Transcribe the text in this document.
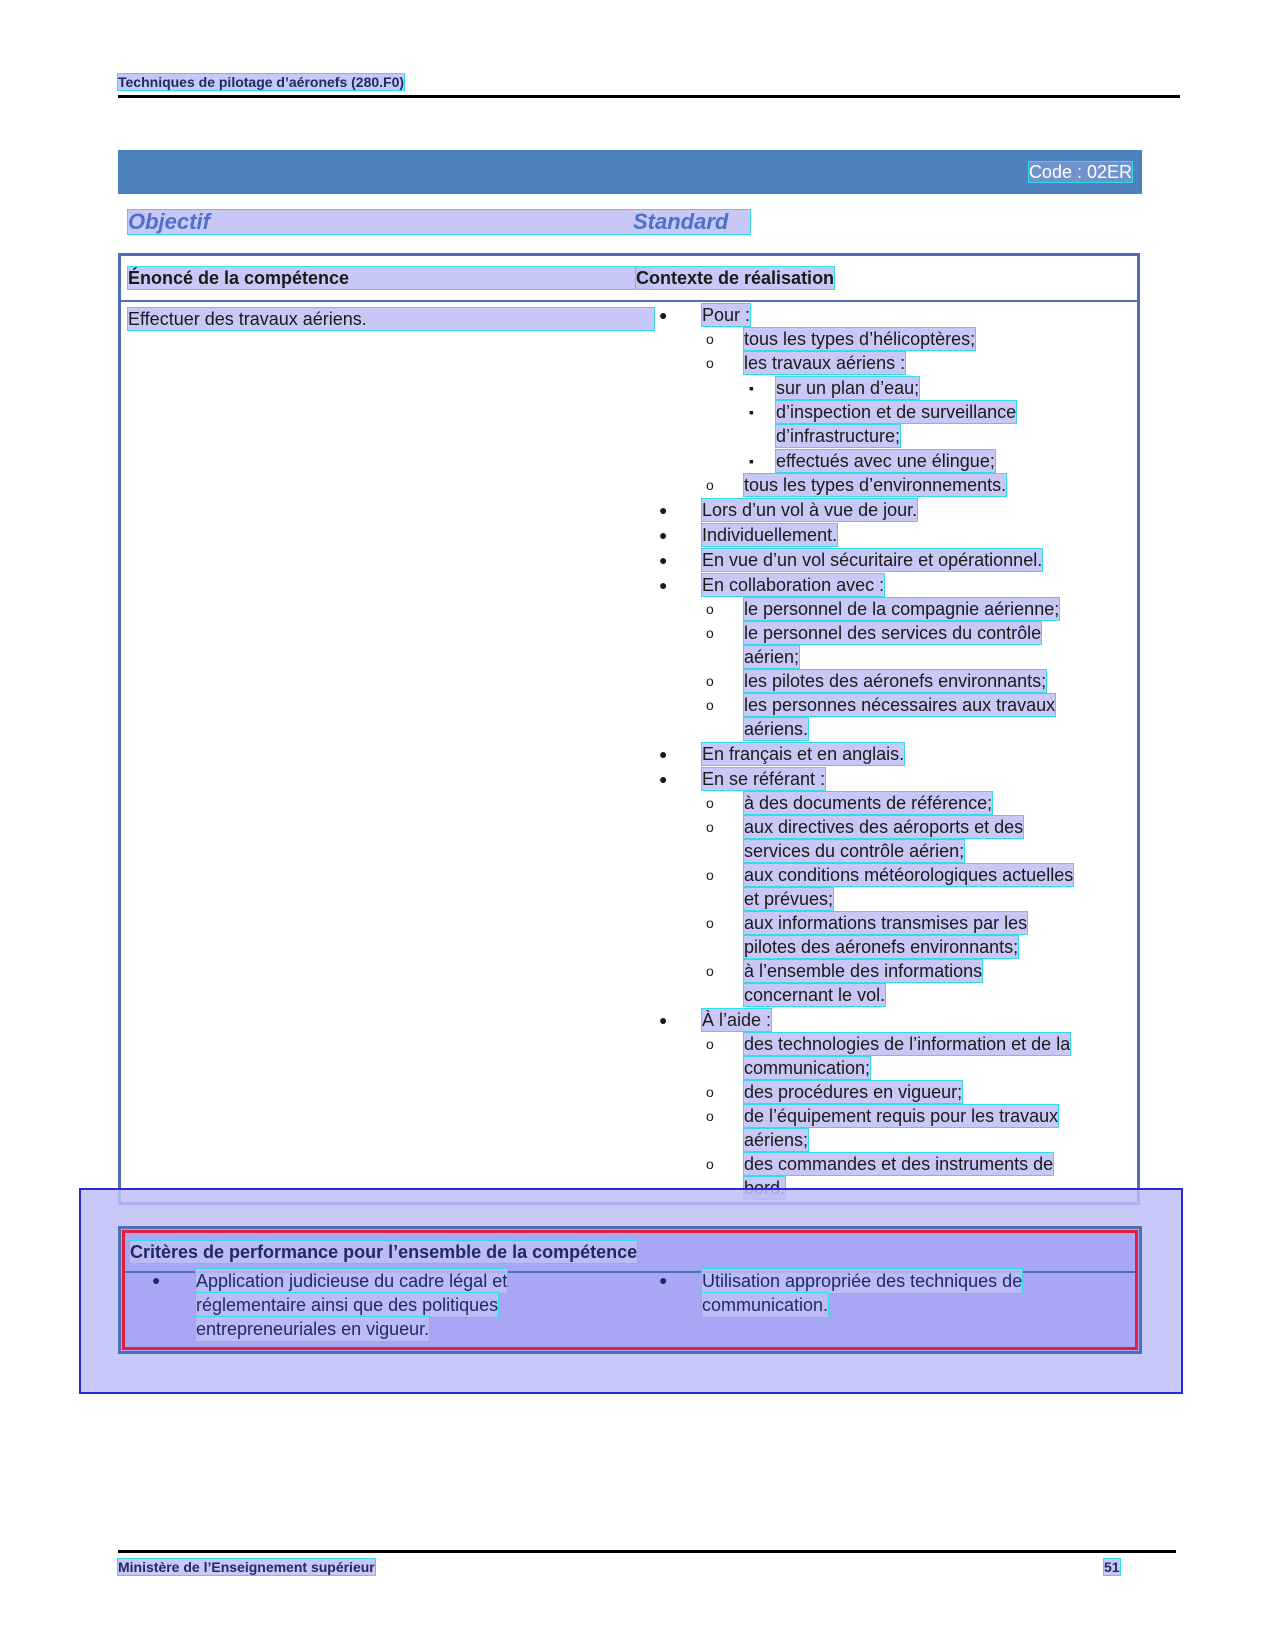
Techniques de pilotage d’aéronefs (280.F0)
Code : 02ER
Objectif	Standard
Énoncé de la compétence	Contexte de réalisation
Effectuer des travaux aériens.	● Pour :
o tous les types d’hélicoptères;
o les travaux aériens :
▪ sur un plan d’eau;
▪ d’inspection et de surveillance
d’infrastructure;
▪ effectués avec une élingue;
o tous les types d’environnements.
● Lors d’un vol à vue de jour.
● Individuellement.
● En vue d’un vol sécuritaire et opérationnel.
● En collaboration avec :
o le personnel de la compagnie aérienne;
o le personnel des services du contrôle
aérien;
o les pilotes des aéronefs environnants;
o les personnes nécessaires aux travaux
aériens.
● En français et en anglais.
● En se référant :
o à des documents de référence;
o aux directives des aéroports et des
services du contrôle aérien;
o aux conditions météorologiques actuelles
et prévues;
o aux informations transmises par les
pilotes des aéronefs environnants;
o à l’ensemble des informations
concernant le vol.
● À l’aide :
o des technologies de l’information et de la
communication;
o des procédures en vigueur;
o de l’équipement requis pour les travaux
aériens;
o des commandes et des instruments de
Critères de performance pour l’ensemble de la compétence
● Application judicieuse du cadre légal et
réglementaire ainsi que des politiques
entrepreneuriales en vigueur.
● Utilisation appropriée des techniques de
communication.
Ministère de l’Enseignement supérieur	51
